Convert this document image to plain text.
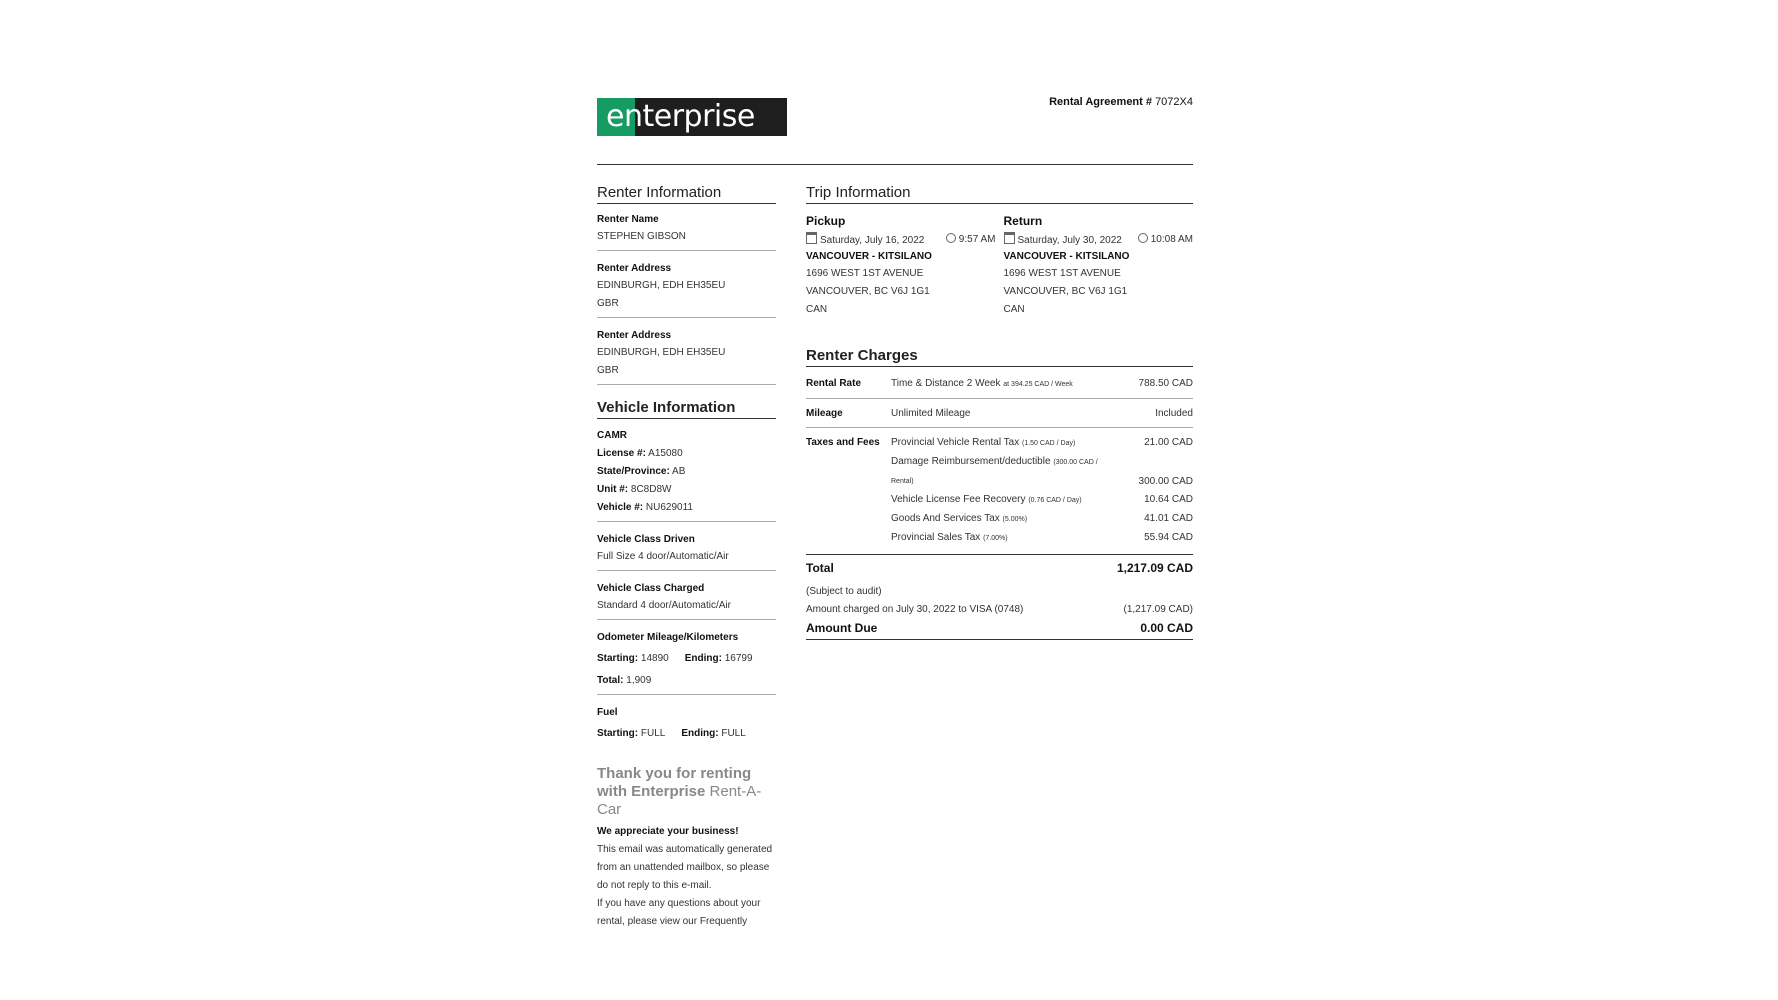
enterprise	Rental Agreement # 7072X4
Renter Information
Renter Name
STEPHEN GIBSON
Renter Address
EDINBURGH, EDH EH35EU
GBR
Renter Address
EDINBURGH, EDH EH35EU
GBR
Vehicle Information
CAMR
License #: A15080
State/Province: AB
Unit #: 8C8D8W
Vehicle #: NU629011
Vehicle Class Driven
Full Size 4 door/Automatic/Air
Vehicle Class Charged
Standard 4 door/Automatic/Air
Odometer Mileage/Kilometers
Starting: 14890 Ending: 16799
Total: 1,909
Fuel
Starting: FULL Ending: FULL
Thank you for renting with Enterprise Rent-A-Car
We appreciate your business!
This email was automatically generated from an unattended mailbox, so please do not reply to this e-mail.
If you have any questions about your rental, please view our Frequently
Trip Information
Pickup
Saturday, July 16, 2022	9:57 AM
VANCOUVER - KITSILANO
1696 WEST 1ST AVENUE
VANCOUVER, BC V6J 1G1
CAN
Return
Saturday, July 30, 2022	10:08 AM
VANCOUVER - KITSILANO
1696 WEST 1ST AVENUE
VANCOUVER, BC V6J 1G1
CAN
Renter Charges
Rental Rate	Time & Distance 2 Week at 394.25 CAD / Week	788.50 CAD
Mileage	Unlimited Mileage	Included
Taxes and Fees	Provincial Vehicle Rental Tax (1.50 CAD / Day)	21.00 CAD
Damage Reimbursement/deductible (300.00 CAD / Rental)	300.00 CAD
Vehicle License Fee Recovery (0.76 CAD / Day)	10.64 CAD
Goods And Services Tax (5.00%)	41.01 CAD
Provincial Sales Tax (7.00%)	55.94 CAD
Total	1,217.09 CAD
(Subject to audit)
Amount charged on July 30, 2022 to VISA (0748)	(1,217.09 CAD)
Amount Due	0.00 CAD
